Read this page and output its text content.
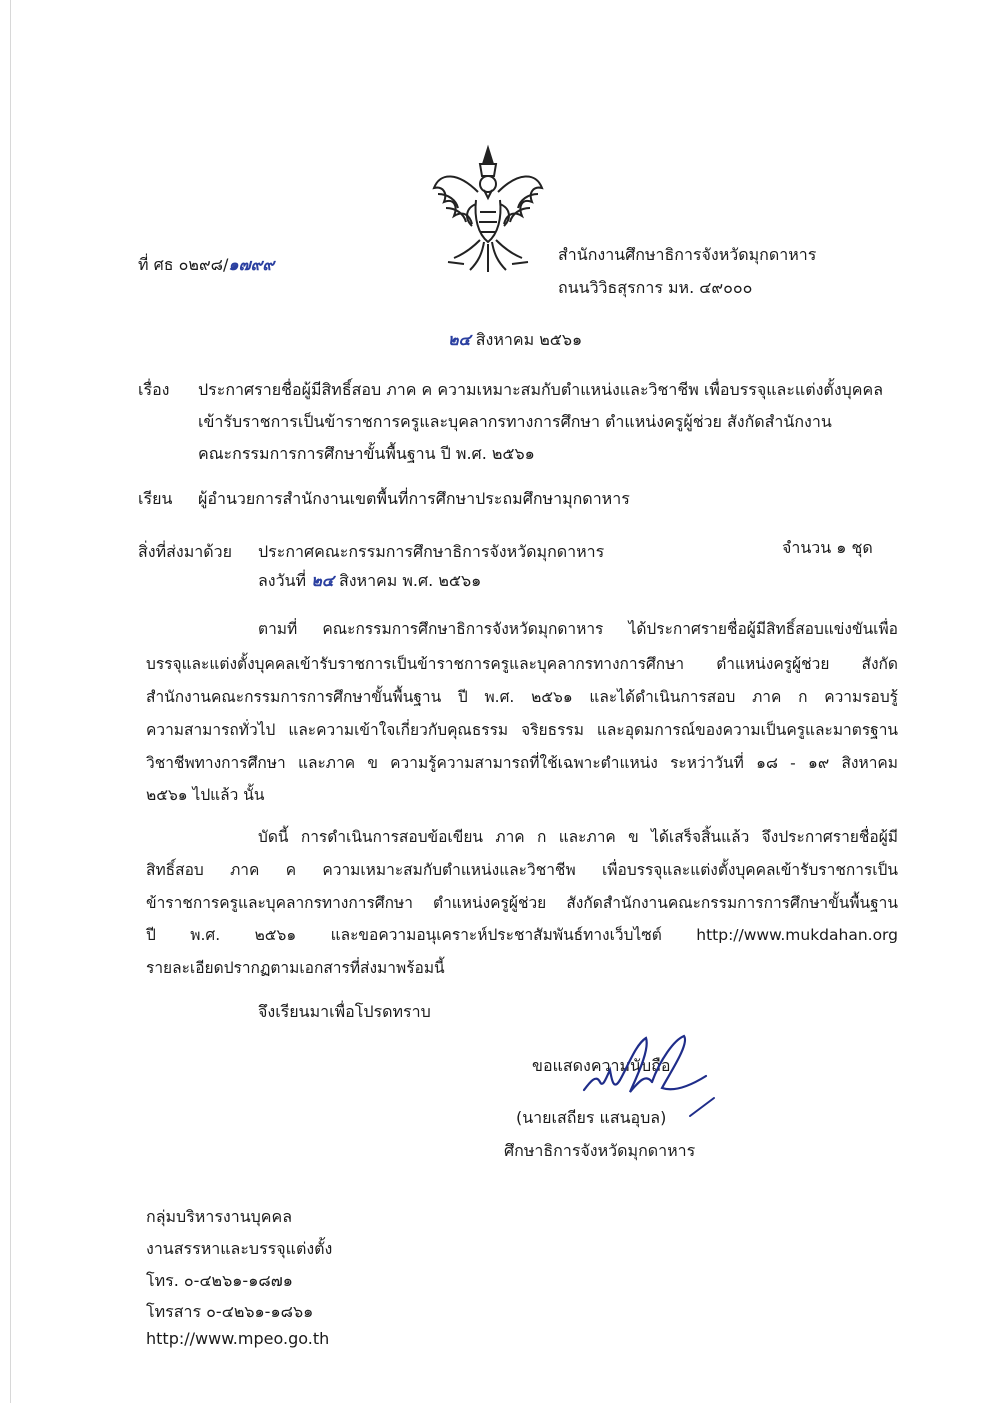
ที่ ศธ ๐๒๙๘/๑๗๙๙
สำนักงานศึกษาธิการจังหวัดมุกดาหาร
ถนนวิวิธสุรการ มห. ๔๙๐๐๐
๒๔ สิงหาคม ๒๕๖๑
เรื่อง ประกาศรายชื่อผู้มีสิทธิ์สอบ ภาค ค ความเหมาะสมกับตำแหน่งและวิชาชีพ เพื่อบรรจุและแต่งตั้งบุคคล
เข้ารับราชการเป็นข้าราชการครูและบุคลากรทางการศึกษา ตำแหน่งครูผู้ช่วย สังกัดสำนักงาน
คณะกรรมการการศึกษาขั้นพื้นฐาน ปี พ.ศ. ๒๕๖๑
เรียน ผู้อำนวยการสำนักงานเขตพื้นที่การศึกษาประถมศึกษามุกดาหาร
สิ่งที่ส่งมาด้วย ประกาศคณะกรรมการศึกษาธิการจังหวัดมุกดาหาร	จำนวน ๑ ชุด
ลงวันที่ ๒๔ สิงหาคม พ.ศ. ๒๕๖๑
ตามที่ คณะกรรมการศึกษาธิการจังหวัดมุกดาหาร ได้ประกาศรายชื่อผู้มีสิทธิ์สอบแข่งขันเพื่อ
บรรจุและแต่งตั้งบุคคลเข้ารับราชการเป็นข้าราชการครูและบุคลากรทางการศึกษา ตำแหน่งครูผู้ช่วย สังกัด
สำนักงานคณะกรรมการการศึกษาขั้นพื้นฐาน ปี พ.ศ. ๒๕๖๑ และได้ดำเนินการสอบ ภาค ก ความรอบรู้
ความสามารถทั่วไป และความเข้าใจเกี่ยวกับคุณธรรม จริยธรรม และอุดมการณ์ของความเป็นครูและมาตรฐาน
วิชาชีพทางการศึกษา และภาค ข ความรู้ความสามารถที่ใช้เฉพาะตำแหน่ง ระหว่าวันที่ ๑๘ - ๑๙ สิงหาคม
๒๕๖๑ ไปแล้ว นั้น
บัดนี้ การดำเนินการสอบข้อเขียน ภาค ก และภาค ข ได้เสร็จสิ้นแล้ว จึงประกาศรายชื่อผู้มี
สิทธิ์สอบ ภาค ค ความเหมาะสมกับตำแหน่งและวิชาชีพ เพื่อบรรจุและแต่งตั้งบุคคลเข้ารับราชการเป็น
ข้าราชการครูและบุคลากรทางการศึกษา ตำแหน่งครูผู้ช่วย สังกัดสำนักงานคณะกรรมการการศึกษาขั้นพื้นฐาน
ปี พ.ศ. ๒๕๖๑ และขอความอนุเคราะห์ประชาสัมพันธ์ทางเว็บไซต์ http://www.mukdahan.org
รายละเอียดปรากฏตามเอกสารที่ส่งมาพร้อมนี้
จึงเรียนมาเพื่อโปรดทราบ
ขอแสดงความนับถือ
(นายเสถียร แสนอุบล)
ศึกษาธิการจังหวัดมุกดาหาร
กลุ่มบริหารงานบุคคล
งานสรรหาและบรรจุแต่งตั้ง
โทร. ๐-๔๒๖๑-๑๘๗๑
โทรสาร ๐-๔๒๖๑-๑๘๖๑
http://www.mpeo.go.th
